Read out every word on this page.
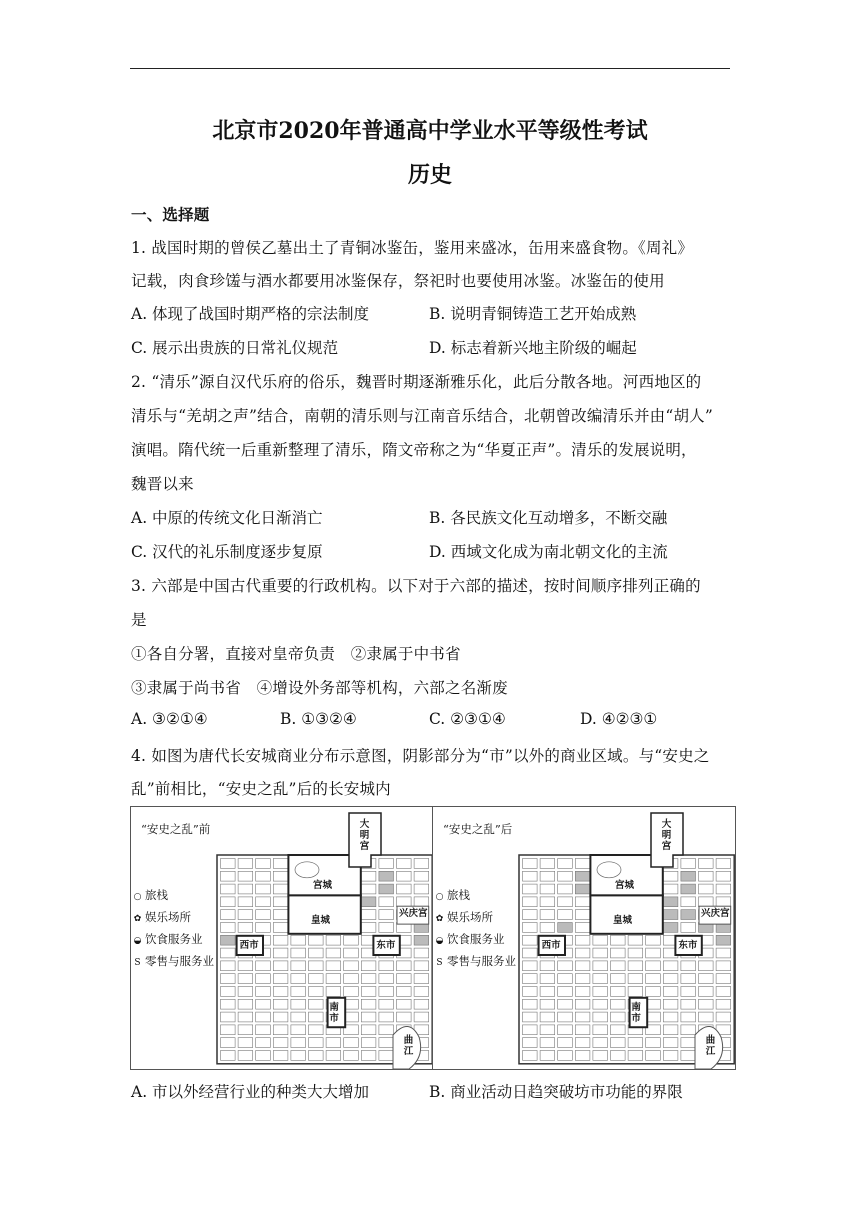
北京市2020年普通高中学业水平等级性考试
历史
一、选择题
1. 战国时期的曾侯乙墓出土了青铜冰鉴缶，鉴用来盛冰，缶用来盛食物。《周礼》
记载，肉食珍馐与酒水都要用冰鉴保存，祭祀时也要使用冰鉴。冰鉴缶的使用
A. 体现了战国时期严格的宗法制度	B. 说明青铜铸造工艺开始成熟
C. 展示出贵族的日常礼仪规范	D. 标志着新兴地主阶级的崛起
2. “清乐”源自汉代乐府的俗乐，魏晋时期逐渐雅乐化，此后分散各地。河西地区的
清乐与“羌胡之声”结合，南朝的清乐则与江南音乐结合，北朝曾改编清乐并由“胡人”
演唱。隋代统一后重新整理了清乐，隋文帝称之为“华夏正声”。清乐的发展说明，
魏晋以来
A. 中原的传统文化日渐消亡	B. 各民族文化互动增多，不断交融
C. 汉代的礼乐制度逐步复原	D. 西域文化成为南北朝文化的主流
3. 六部是中国古代重要的行政机构。以下对于六部的描述，按时间顺序排列正确的
是
①各自分署，直接对皇帝负责　②隶属于中书省
③隶属于尚书省　④增设外务部等机构，六部之名渐废
A. ③②①④	B. ①③②④	C. ②③①④	D. ④②③①
4. 如图为唐代长安城商业分布示意图，阴影部分为“市”以外的商业区域。与“安史之
乱”前相比，“安史之乱”后的长安城内
“安史之乱”前
○ 旅栈
✿ 娱乐场所
◒ 饮食服务业
S 零售与服务业
大明宫
宫城
皇城
兴庆宫
西市	东市
南市
曲江
“安史之乱”后
○ 旅栈
✿ 娱乐场所
◒ 饮食服务业
S 零售与服务业
大明宫
宫城
皇城
兴庆宫
西市	东市
南市
曲江
A. 市以外经营行业的种类大大增加	B. 商业活动日趋突破坊市功能的界限
